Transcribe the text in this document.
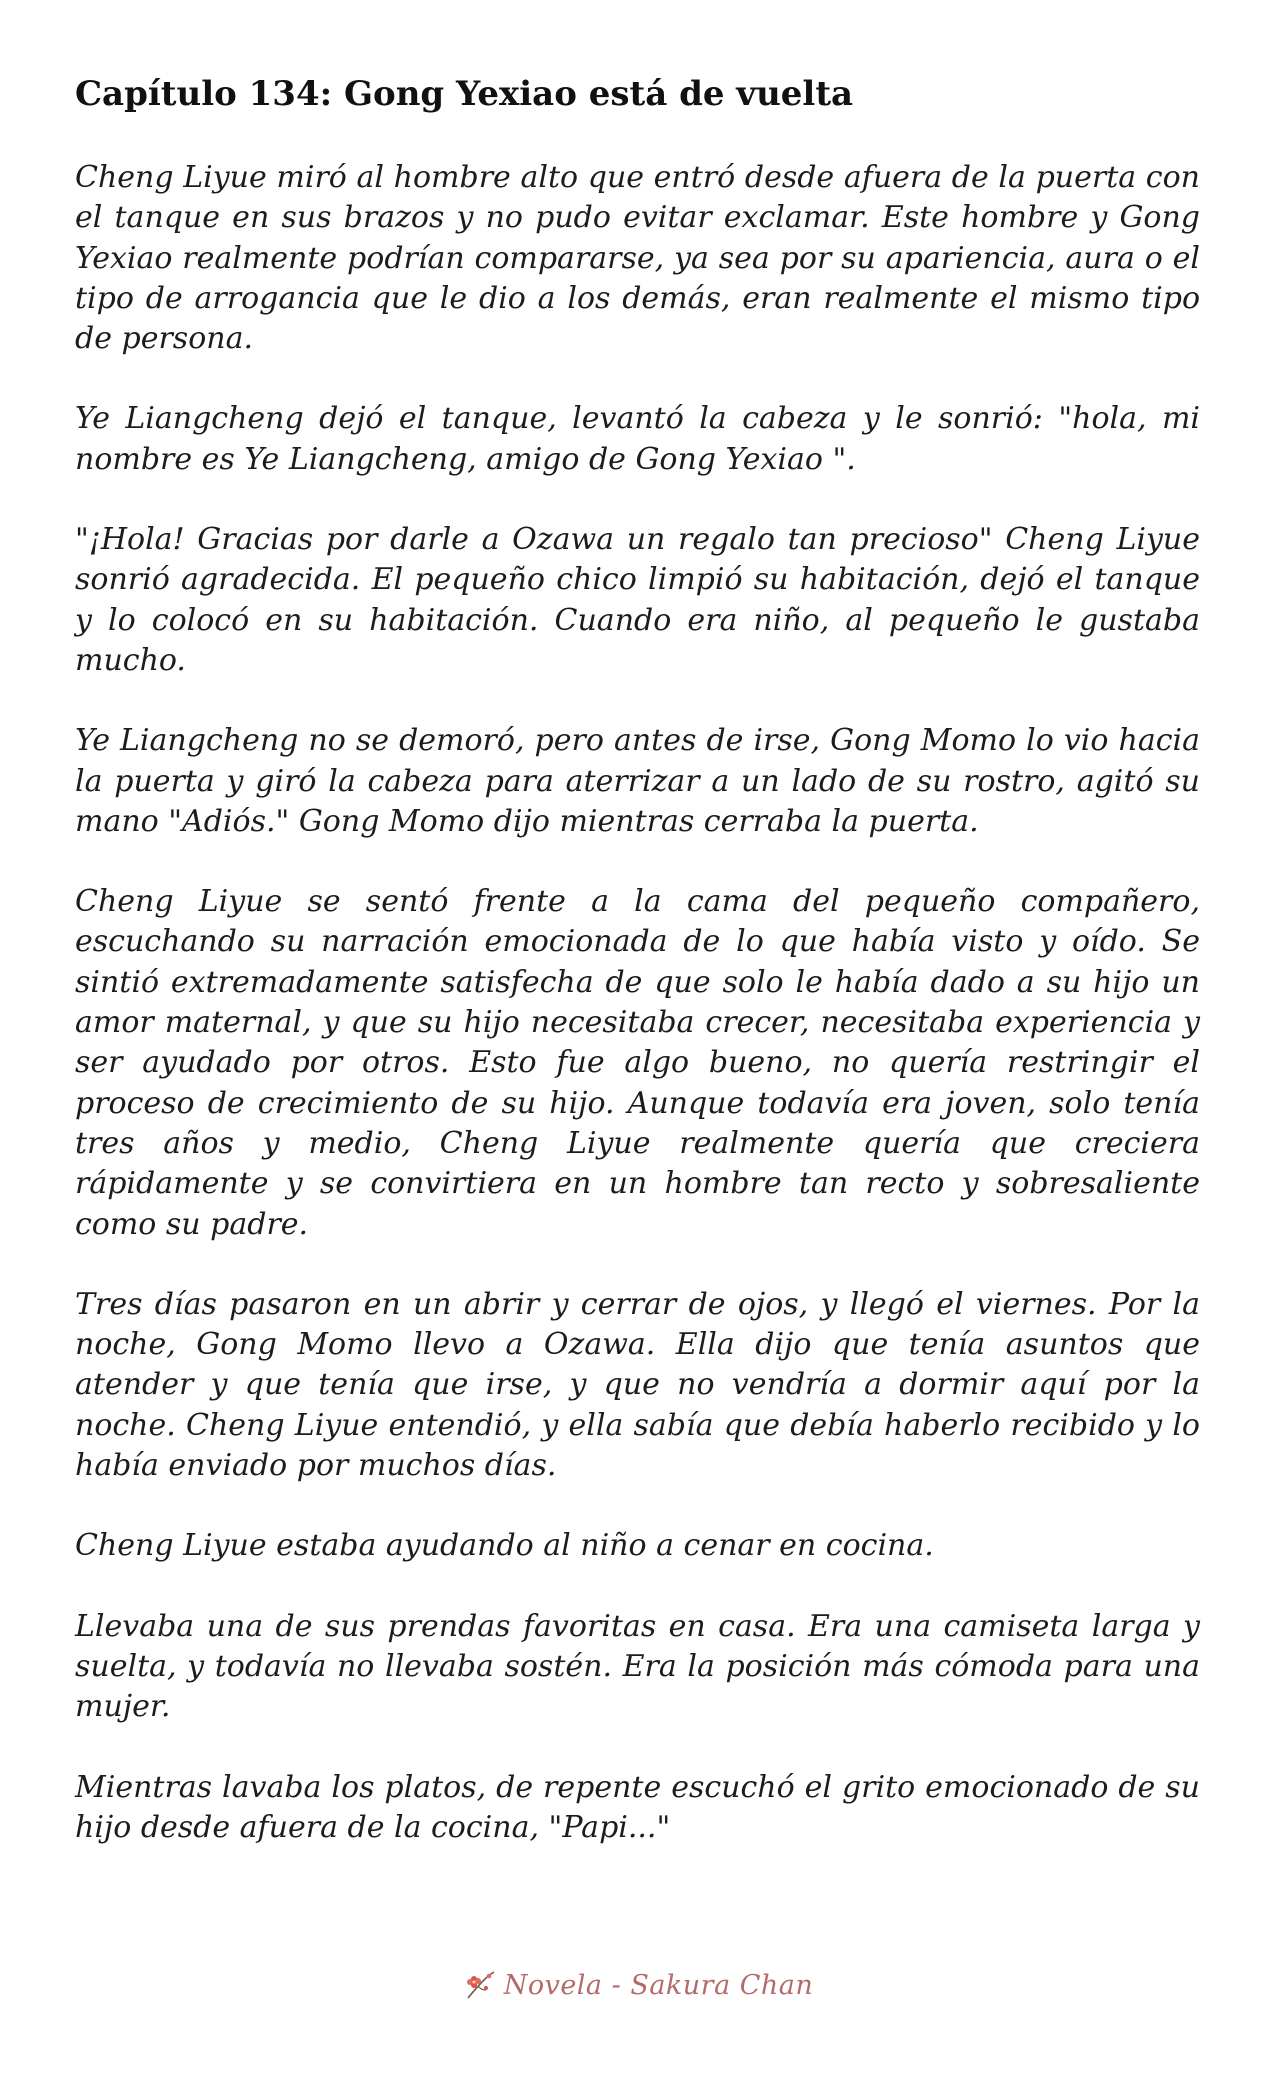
Capítulo 134: Gong Yexiao está de vuelta

Cheng Liyue miró al hombre alto que entró desde afuera de la puerta con el tanque en sus brazos y no pudo evitar exclamar. Este hombre y Gong Yexiao realmente podrían compararse, ya sea por su apariencia, aura o el tipo de arrogancia que le dio a los demás, eran realmente el mismo tipo de persona.

Ye Liangcheng dejó el tanque, levantó la cabeza y le sonrió: "hola, mi nombre es Ye Liangcheng, amigo de Gong Yexiao ".

"¡Hola! Gracias por darle a Ozawa un regalo tan precioso" Cheng Liyue sonrió agradecida. El pequeño chico limpió su habitación, dejó el tanque y lo colocó en su habitación. Cuando era niño, al pequeño le gustaba mucho.

Ye Liangcheng no se demoró, pero antes de irse, Gong Momo lo vio hacia la puerta y giró la cabeza para aterrizar a un lado de su rostro, agitó su mano "Adiós." Gong Momo dijo mientras cerraba la puerta.

Cheng Liyue se sentó frente a la cama del pequeño compañero, escuchando su narración emocionada de lo que había visto y oído. Se sintió extremadamente satisfecha de que solo le había dado a su hijo un amor maternal, y que su hijo necesitaba crecer, necesitaba experiencia y ser ayudado por otros. Esto fue algo bueno, no quería restringir el proceso de crecimiento de su hijo. Aunque todavía era joven, solo tenía tres años y medio, Cheng Liyue realmente quería que creciera rápidamente y se convirtiera en un hombre tan recto y sobresaliente como su padre.

Tres días pasaron en un abrir y cerrar de ojos, y llegó el viernes. Por la noche, Gong Momo llevo a Ozawa. Ella dijo que tenía asuntos que atender y que tenía que irse, y que no vendría a dormir aquí por la noche. Cheng Liyue entendió, y ella sabía que debía haberlo recibido y lo había enviado por muchos días.

Cheng Liyue estaba ayudando al niño a cenar en cocina.

Llevaba una de sus prendas favoritas en casa. Era una camiseta larga y suelta, y todavía no llevaba sostén. Era la posición más cómoda para una mujer.

Mientras lavaba los platos, de repente escuchó el grito emocionado de su hijo desde afuera de la cocina, "Papi..."

Novela - Sakura Chan
